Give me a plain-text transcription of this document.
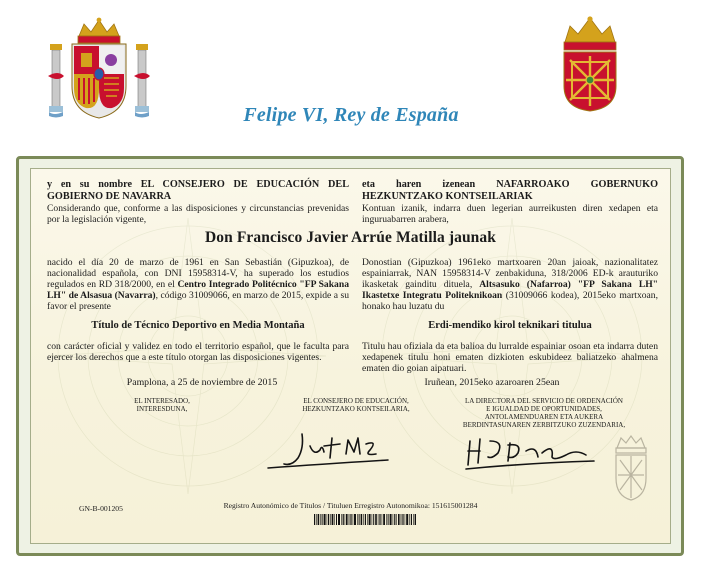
Felipe VI, Rey de España
y en su nombre EL CONSEJERO DE EDUCACIÓN DEL GOBIERNO DE NAVARRA
Considerando que, conforme a las disposiciones y circunstancias prevenidas por la legislación vigente,
eta haren izenean NAFARROAKO GOBERNUKO HEZKUNTZAKO KONTSEILARIAK
Kontuan izanik, indarra duen legerian aurreikusten diren xedapen eta inguruabarren arabera,
Don Francisco Javier Arrúe Matilla jaunak
nacido el día 20 de marzo de 1961 en San Sebastián (Gipuzkoa), de nacionalidad española, con DNI 15958314-V, ha superado los estudios regulados en RD 318/2000, en el Centro Integrado Politécnico "FP Sakana LH" de Alsasua (Navarra), código 31009066, en marzo de 2015, expide a su favor el presente
Donostian (Gipuzkoa) 1961eko martxoaren 20an jaioak, nazionalitatez espainiarrak, NAN 15958314-V zenbakiduna, 318/2006 ED-k arauturiko ikasketak gainditu dituela, Altsasuko (Nafarroa) "FP Sakana LH" Ikastetxe Integratu Politeknikoan (31009066 kodea), 2015eko martxoan, honako hau luzatu du
Título de Técnico Deportivo en Media Montaña	Erdi-mendiko kirol teknikari titulua
con carácter oficial y validez en todo el territorio español, que le faculta para ejercer los derechos que a este título otorgan las disposiciones vigentes.
Titulu hau ofiziala da eta balioa du lurralde espainiar osoan eta indarra duten xedapenek titulu honi ematen dizkioten eskubideez baliatzeko ahalmena ematen dio goian aipatuari.
Pamplona, a 25 de noviembre de 2015	Iruñean, 2015eko azaroaren 25ean
EL INTERESADO,
INTERESDUNA,
EL CONSEJERO DE EDUCACIÓN,
HEZKUNTZAKO KONTSEILARIA,
LA DIRECTORA DEL SERVICIO DE ORDENACIÓN
E IGUALDAD DE OPORTUNIDADES,
ANTOLAMENDUAREN ETA AUKERA
BERDINTASUNAREN ZERBITZUKO ZUZENDARIA,
GN-B-001205	Registro Autonómico de Títulos / Tituluen Erregistro Autonomikoa: 151615001284
